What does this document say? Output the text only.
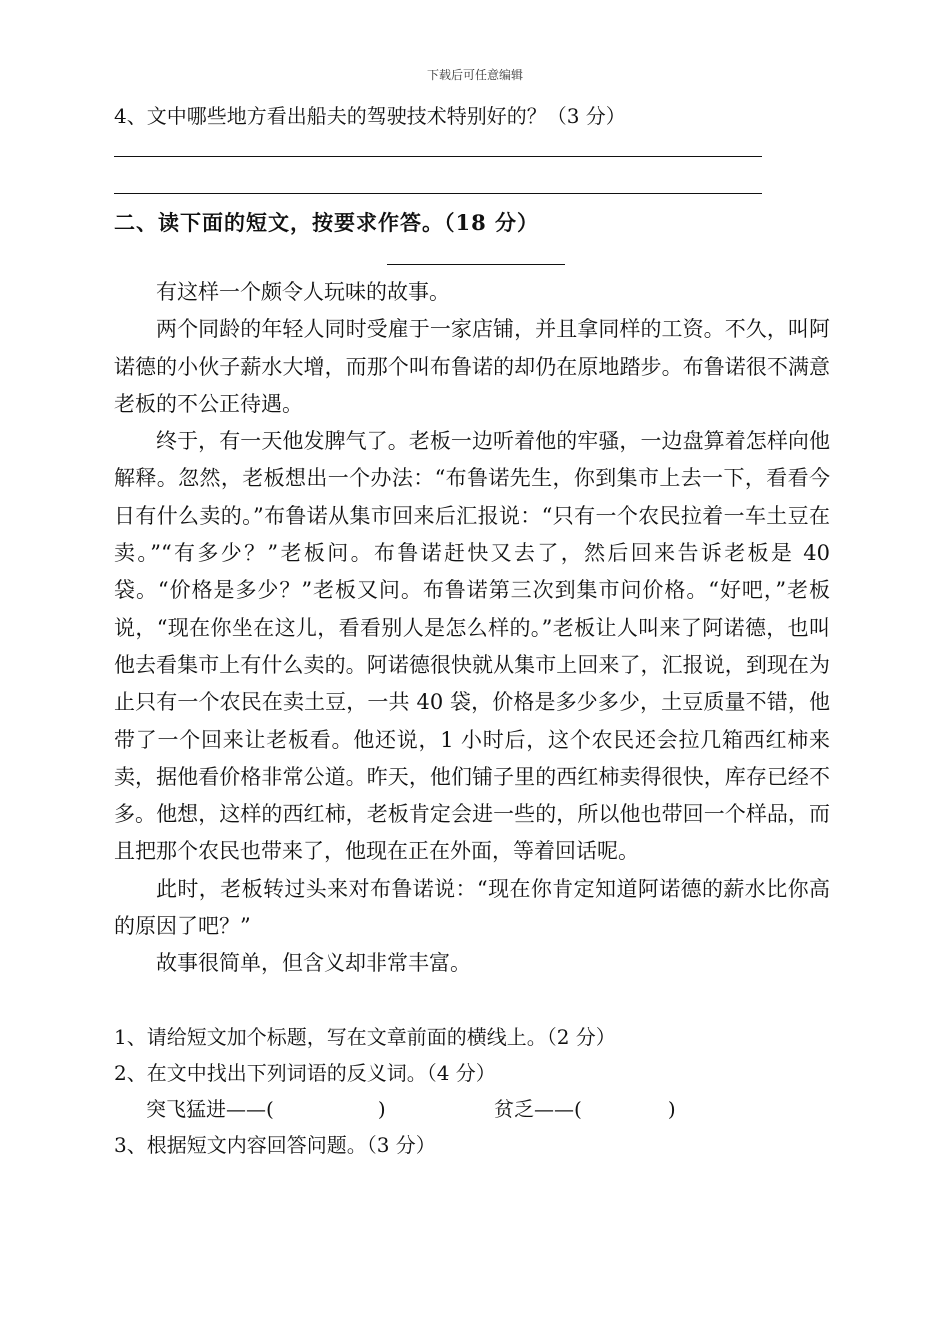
下载后可任意编辑
4、文中哪些地方看出船夫的驾驶技术特别好的？（3 分）
二、读下面的短文，按要求作答。（18 分）

有这样一个颇令人玩味的故事。

两个同龄的年轻人同时受雇于一家店铺，并且拿同样的工资。不久，叫阿诺德的小伙子薪水大增，而那个叫布鲁诺的却仍在原地踏步。布鲁诺很不满意老板的不公正待遇。

终于，有一天他发脾气了。老板一边听着他的牢骚，一边盘算着怎样向他解释。忽然，老板想出一个办法：“布鲁诺先生，你到集市上去一下，看看今日有什么卖的。”布鲁诺从集市回来后汇报说：“只有一个农民拉着一车土豆在卖。”“有多少？”老板问。布鲁诺赶快又去了，然后回来告诉老板是 40 袋。“价格是多少？”老板又问。布鲁诺第三次到集市问价格。“好吧，”老板说，“现在你坐在这儿，看看别人是怎么样的。”老板让人叫来了阿诺德，也叫他去看集市上有什么卖的。阿诺德很快就从集市上回来了，汇报说，到现在为止只有一个农民在卖土豆，一共 40 袋，价格是多少多少，土豆质量不错，他带了一个回来让老板看。他还说，1 小时后，这个农民还会拉几箱西红柿来卖，据他看价格非常公道。昨天，他们铺子里的西红柿卖得很快，库存已经不多。他想，这样的西红柿，老板肯定会进一些的，所以他也带回一个样品，而且把那个农民也带来了，他现在正在外面，等着回话呢。

此时，老板转过头来对布鲁诺说：“现在你肯定知道阿诺德的薪水比你高的原因了吧？”

故事很简单，但含义却非常丰富。

1、请给短文加个标题，写在文章前面的横线上。（2 分）
2、在文中找出下列词语的反义词。（4 分）
突飞猛进——(	)	贫乏——(	)
3、根据短文内容回答问题。（3 分）
